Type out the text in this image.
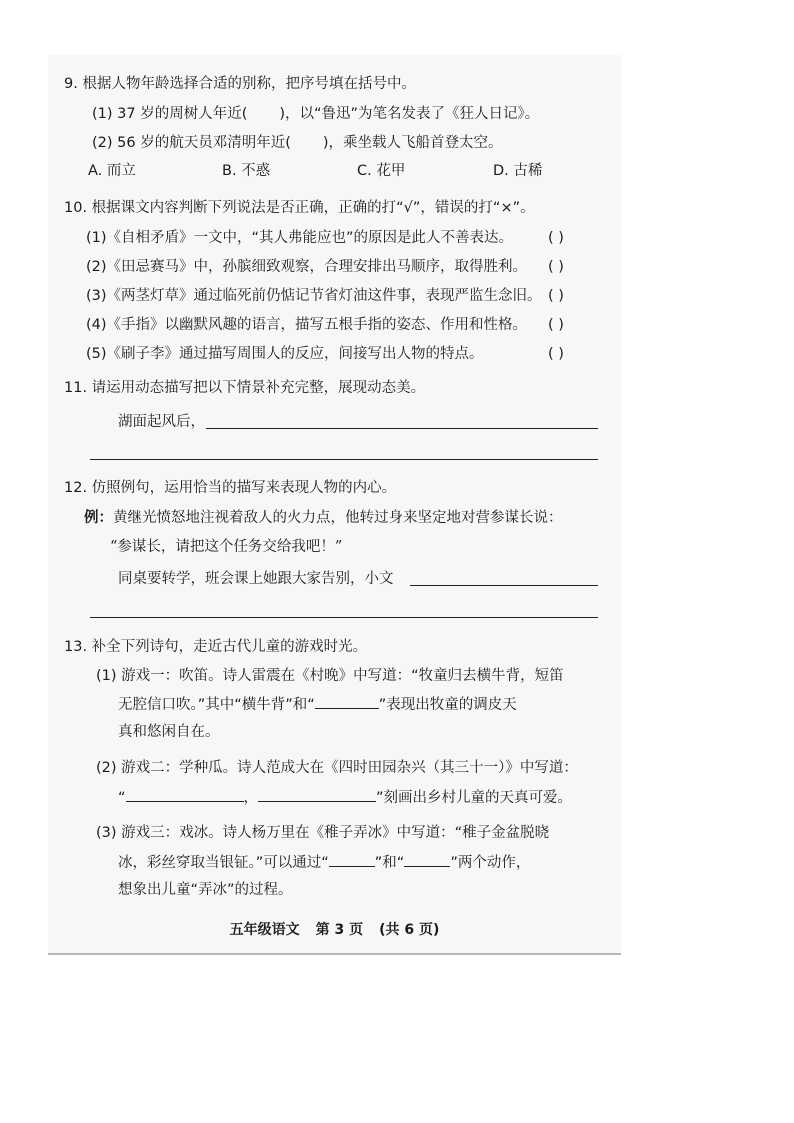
9. 根据人物年龄选择合适的别称，把序号填在括号中。
(1) 37 岁的周树人年近( )，以“鲁迅”为笔名发表了《狂人日记》。
(2) 56 岁的航天员邓清明年近( )，乘坐载人飞船首登太空。
A. 而立	B. 不惑	C. 花甲	D. 古稀
10. 根据课文内容判断下列说法是否正确，正确的打“√”，错误的打“×”。
(1)《自相矛盾》一文中，“其人弗能应也”的原因是此人不善表达。 ( )
(2)《田忌赛马》中，孙膑细致观察，合理安排出马顺序，取得胜利。 ( )
(3)《两茎灯草》通过临死前仍惦记节省灯油这件事，表现严监生念旧。 ( )
(4)《手指》以幽默风趣的语言，描写五根手指的姿态、作用和性格。 ( )
(5)《刷子李》通过描写周围人的反应，间接写出人物的特点。	( )
11. 请运用动态描写把以下情景补充完整，展现动态美。
湖面起风后，
12. 仿照例句，运用恰当的描写来表现人物的内心。
例：黄继光愤怒地注视着敌人的火力点，他转过身来坚定地对营参谋长说：
“参谋长，请把这个任务交给我吧！”
同桌要转学，班会课上她跟大家告别，小文
13. 补全下列诗句，走近古代儿童的游戏时光。
(1) 游戏一：吹笛。诗人雷震在《村晚》中写道：“牧童归去横牛背，短笛
无腔信口吹。”其中“横牛背”和“	”表现出牧童的调皮天
真和悠闲自在。
(2) 游戏二：学种瓜。诗人范成大在《四时田园杂兴（其三十一）》中写道：
“	，	”刻画出乡村儿童的天真可爱。
(3) 游戏三：戏冰。诗人杨万里在《稚子弄冰》中写道：“稚子金盆脱晓
冰，彩丝穿取当银钲。”可以通过“	”和“	”两个动作，
想象出儿童“弄冰”的过程。
五年级语文 第 3 页 (共 6 页)
